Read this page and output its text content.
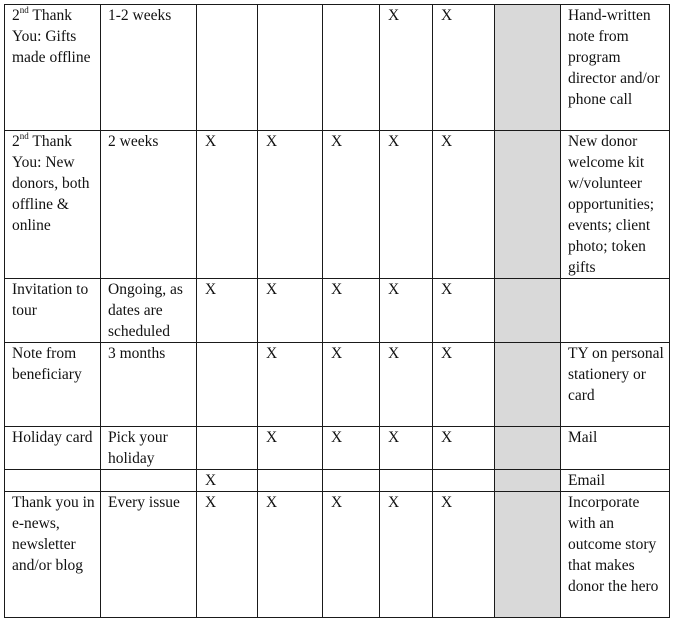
2nd Thank You: Gifts made offline	1-2 weeks				X	X		Hand-written note from program director and/or phone call
2nd Thank You: New donors, both offline & online	2 weeks	X	X	X	X	X		New donor welcome kit w/volunteer opportunities; events; client photo; token gifts
Invitation to tour	Ongoing, as dates are scheduled	X	X	X	X	X		
Note from beneficiary	3 months		X	X	X	X		TY on personal stationery or card
Holiday card	Pick your holiday		X	X	X	X		Mail
		X						Email
Thank you in e-news, newsletter and/or blog	Every issue	X	X	X	X	X		Incorporate with an outcome story that makes donor the hero
